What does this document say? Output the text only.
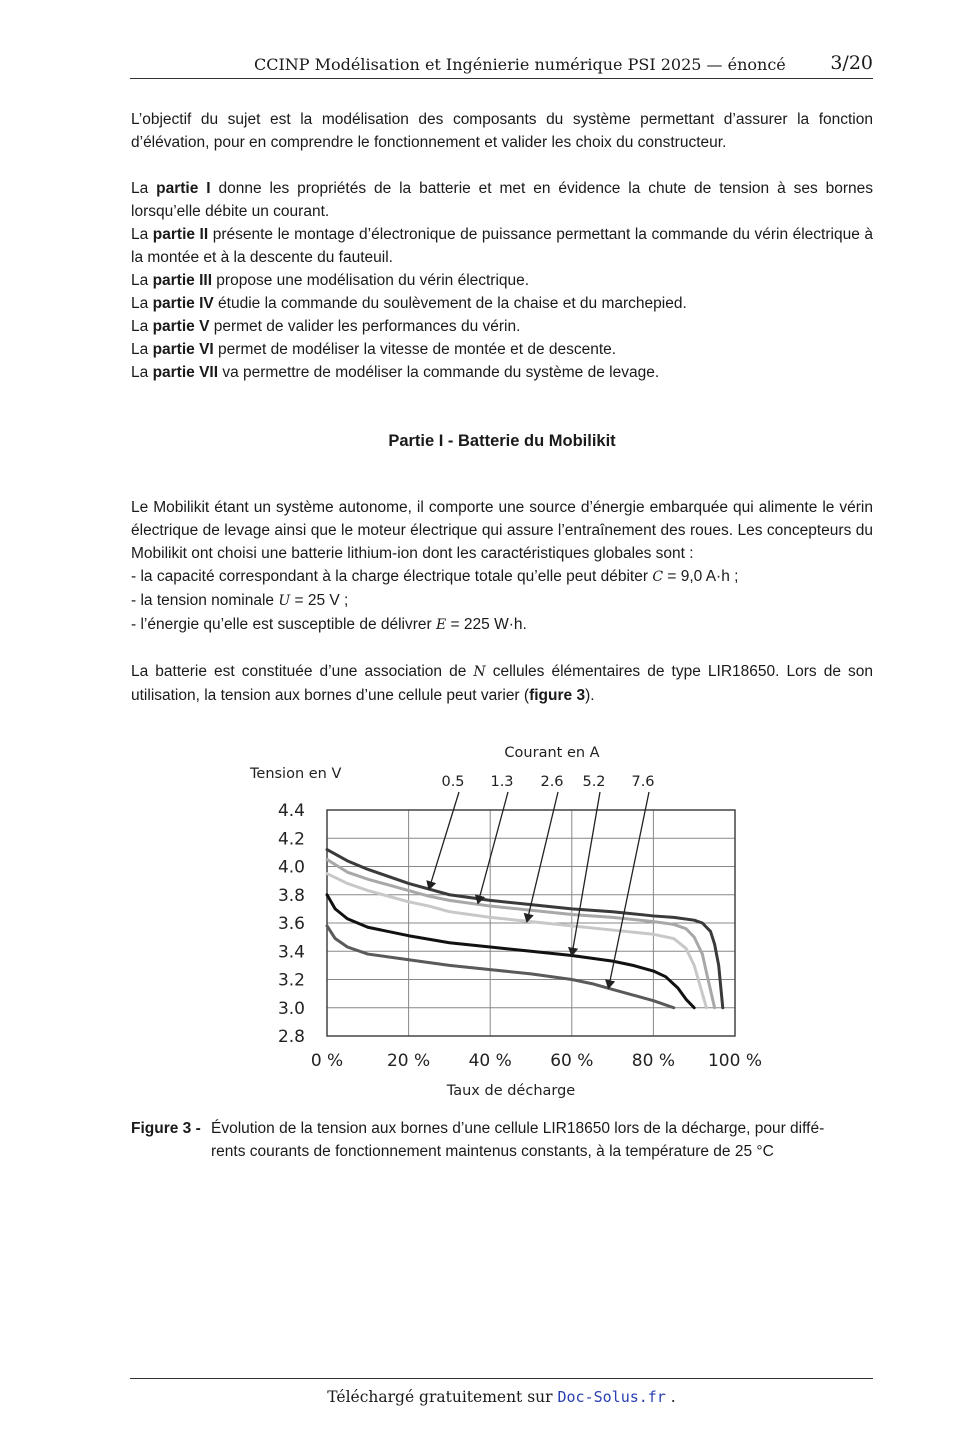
CCINP Modélisation et Ingénierie numérique PSI 2025 — énoncé 3/20

L’objectif du sujet est la modélisation des composants du système permettant d’assurer la fonction d’élévation, pour en comprendre le fonctionnement et valider les choix du constructeur.

La partie I donne les propriétés de la batterie et met en évidence la chute de tension à ses bornes lorsqu’elle débite un courant.

La partie II présente le montage d’électronique de puissance permettant la commande du vérin électrique à la montée et à la descente du fauteuil.

La partie III propose une modélisation du vérin électrique.

La partie IV étudie la commande du soulèvement de la chaise et du marchepied.

La partie V permet de valider les performances du vérin.

La partie VI permet de modéliser la vitesse de montée et de descente.

La partie VII va permettre de modéliser la commande du système de levage.

Partie I - Batterie du Mobilikit

Le Mobilikit étant un système autonome, il comporte une source d’énergie embarquée qui alimente le vérin électrique de levage ainsi que le moteur électrique qui assure l’entraînement des roues. Les concepteurs du Mobilikit ont choisi une batterie lithium-ion dont les caractéristiques globales sont :

- la capacité correspondant à la charge électrique totale qu’elle peut débiter C = 9,0 A·h ;
- la tension nominale U = 25 V ;
- l’énergie qu’elle est susceptible de délivrer E = 225 W·h.

La batterie est constituée d’une association de N cellules élémentaires de type LIR18650. Lors de son utilisation, la tension aux bornes d’une cellule peut varier (figure 3).

0 %	20 % 40 % 60 % 80 % 100 %
4.4
4.2
4.0
3.8
3.6
3.4
3.2
3.0
2.8
Courant en A
Tension en V
Taux de décharge
0.5 1.3 2.6 5.2 7.6
Figure 3 - Évolution de la tension aux bornes d’une cellule LIR18650 lors de la décharge, pour diffé-
rents courants de fonctionnement maintenus constants, à la température de 25 °C
Téléchargé gratuitement sur Doc-Solus.fr .
